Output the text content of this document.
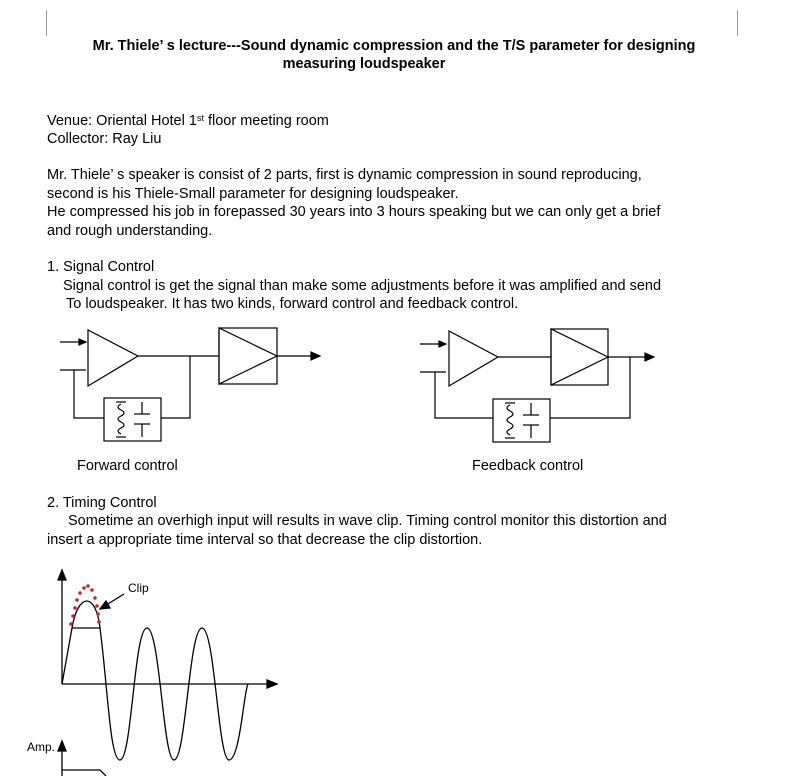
Mr. Thiele’ s lecture---Sound dynamic compression and the T/S parameter for designing
measuring loudspeaker
Venue: Oriental Hotel 1st floor meeting room
Collector: Ray Liu
Mr. Thiele’ s speaker is consist of 2 parts, first is dynamic compression in sound reproducing,
second is his Thiele-Small parameter for designing loudspeaker.
He compressed his job in forepassed 30 years into 3 hours speaking but we can only get a brief
and rough understanding.
1. Signal Control
Signal control is get the signal than make some adjustments before it was amplified and send
To loudspeaker. It has two kinds, forward control and feedback control.
Clip
Amp.
Forward control	Feedback control
2. Timing Control
Sometime an overhigh input will results in wave clip. Timing control monitor this distortion and
insert a appropriate time interval so that decrease the clip distortion.
